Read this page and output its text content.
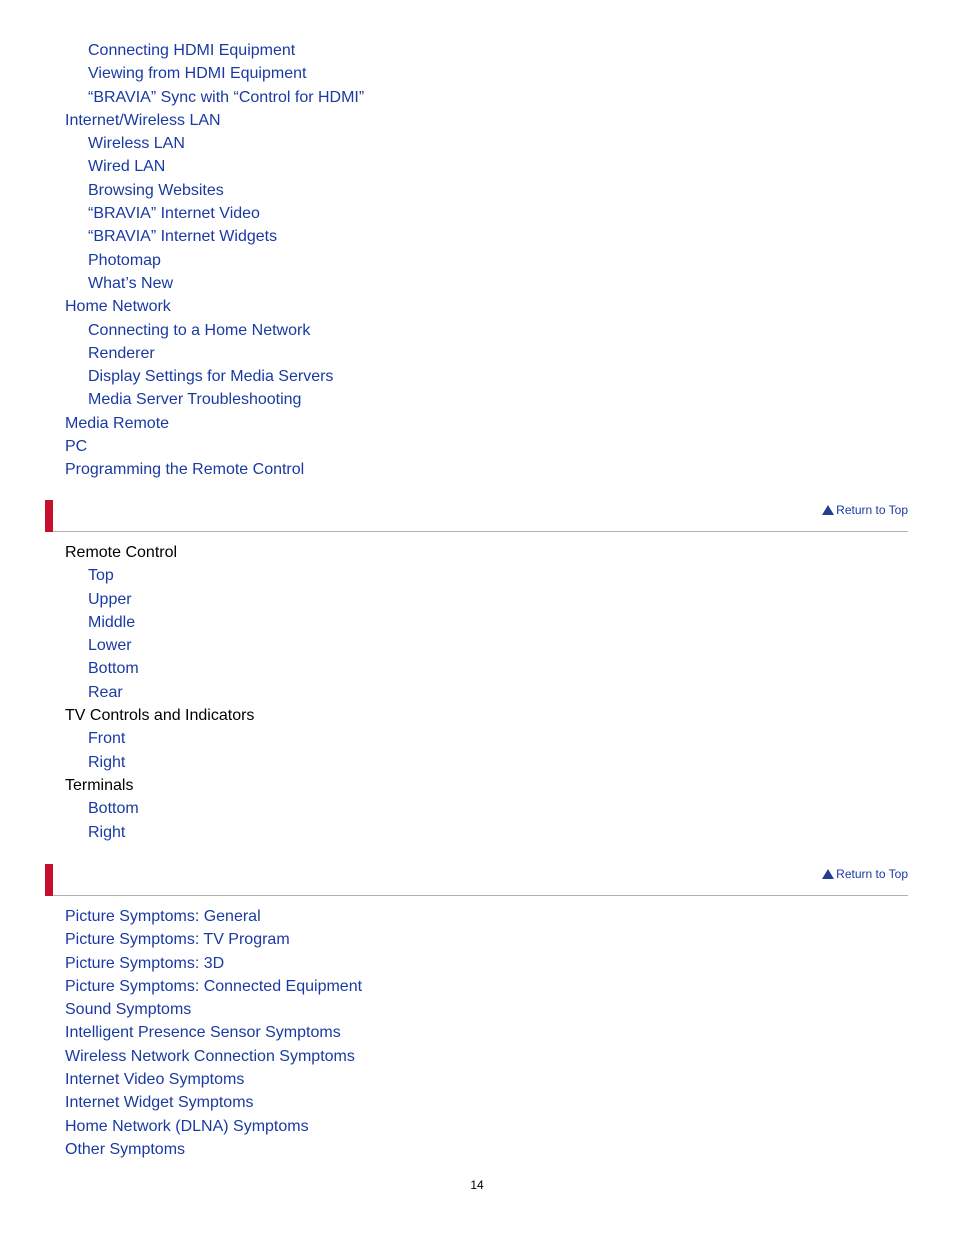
Connecting HDMI Equipment
Viewing from HDMI Equipment
“BRAVIA” Sync with “Control for HDMI”
Internet/Wireless LAN
Wireless LAN
Wired LAN
Browsing Websites
“BRAVIA” Internet Video
“BRAVIA” Internet Widgets
Photomap
What’s New
Home Network
Connecting to a Home Network
Renderer
Display Settings for Media Servers
Media Server Troubleshooting
Media Remote
PC
Programming the Remote Control
Return to Top
Remote Control
Top
Upper
Middle
Lower
Bottom
Rear
TV Controls and Indicators
Front
Right
Terminals
Bottom
Right
Return to Top
Picture Symptoms: General
Picture Symptoms: TV Program
Picture Symptoms: 3D
Picture Symptoms: Connected Equipment
Sound Symptoms
Intelligent Presence Sensor Symptoms
Wireless Network Connection Symptoms
Internet Video Symptoms
Internet Widget Symptoms
Home Network (DLNA) Symptoms
Other Symptoms
14
